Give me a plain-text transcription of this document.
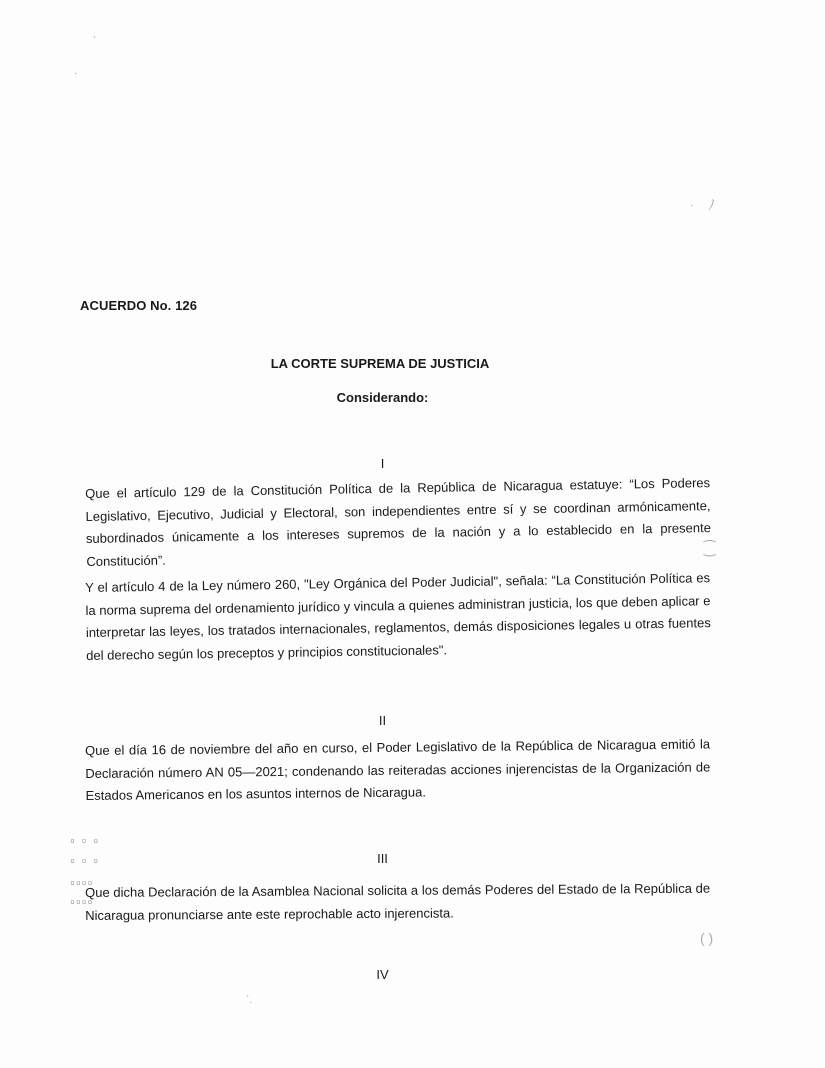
ˎ
·
· ﾉ
⁐
( )
ˋ.
ACUERDO No. 126
LA CORTE SUPREMA DE JUSTICIA
Considerando:
I
Que el artículo 129 de la Constitución Política de la República de Nicaragua estatuye: “Los Poderes Legislativo, Ejecutivo, Judicial y Electoral, son independientes entre sí y se coordinan armónicamente, subordinados únicamente a los intereses supremos de la nación y a lo establecido en la presente Constitución”.
Y el artículo 4 de la Ley número 260, "Ley Orgánica del Poder Judicial", señala: “La Constitución Política es la norma suprema del ordenamiento jurídico y vincula a quienes administran justicia, los que deben aplicar e interpretar las leyes, los tratados internacionales, reglamentos, demás disposiciones legales u otras fuentes del derecho según los preceptos y principios constitucionales".
II
Que el día 16 de noviembre del año en curso, el Poder Legislativo de la República de Nicaragua emitió la Declaración número AN 05—2021; condenando las reiteradas acciones injerencistas de la Organización de Estados Americanos en los asuntos internos de Nicaragua.
▫ ▫ ▫
▫ ▫ ▫
▫▫▫▫
▫▫▫▫
III
Que dicha Declaración de la Asamblea Nacional solicita a los demás Poderes del Estado de la República de Nicaragua pronunciarse ante este reprochable acto injerencista.
IV
